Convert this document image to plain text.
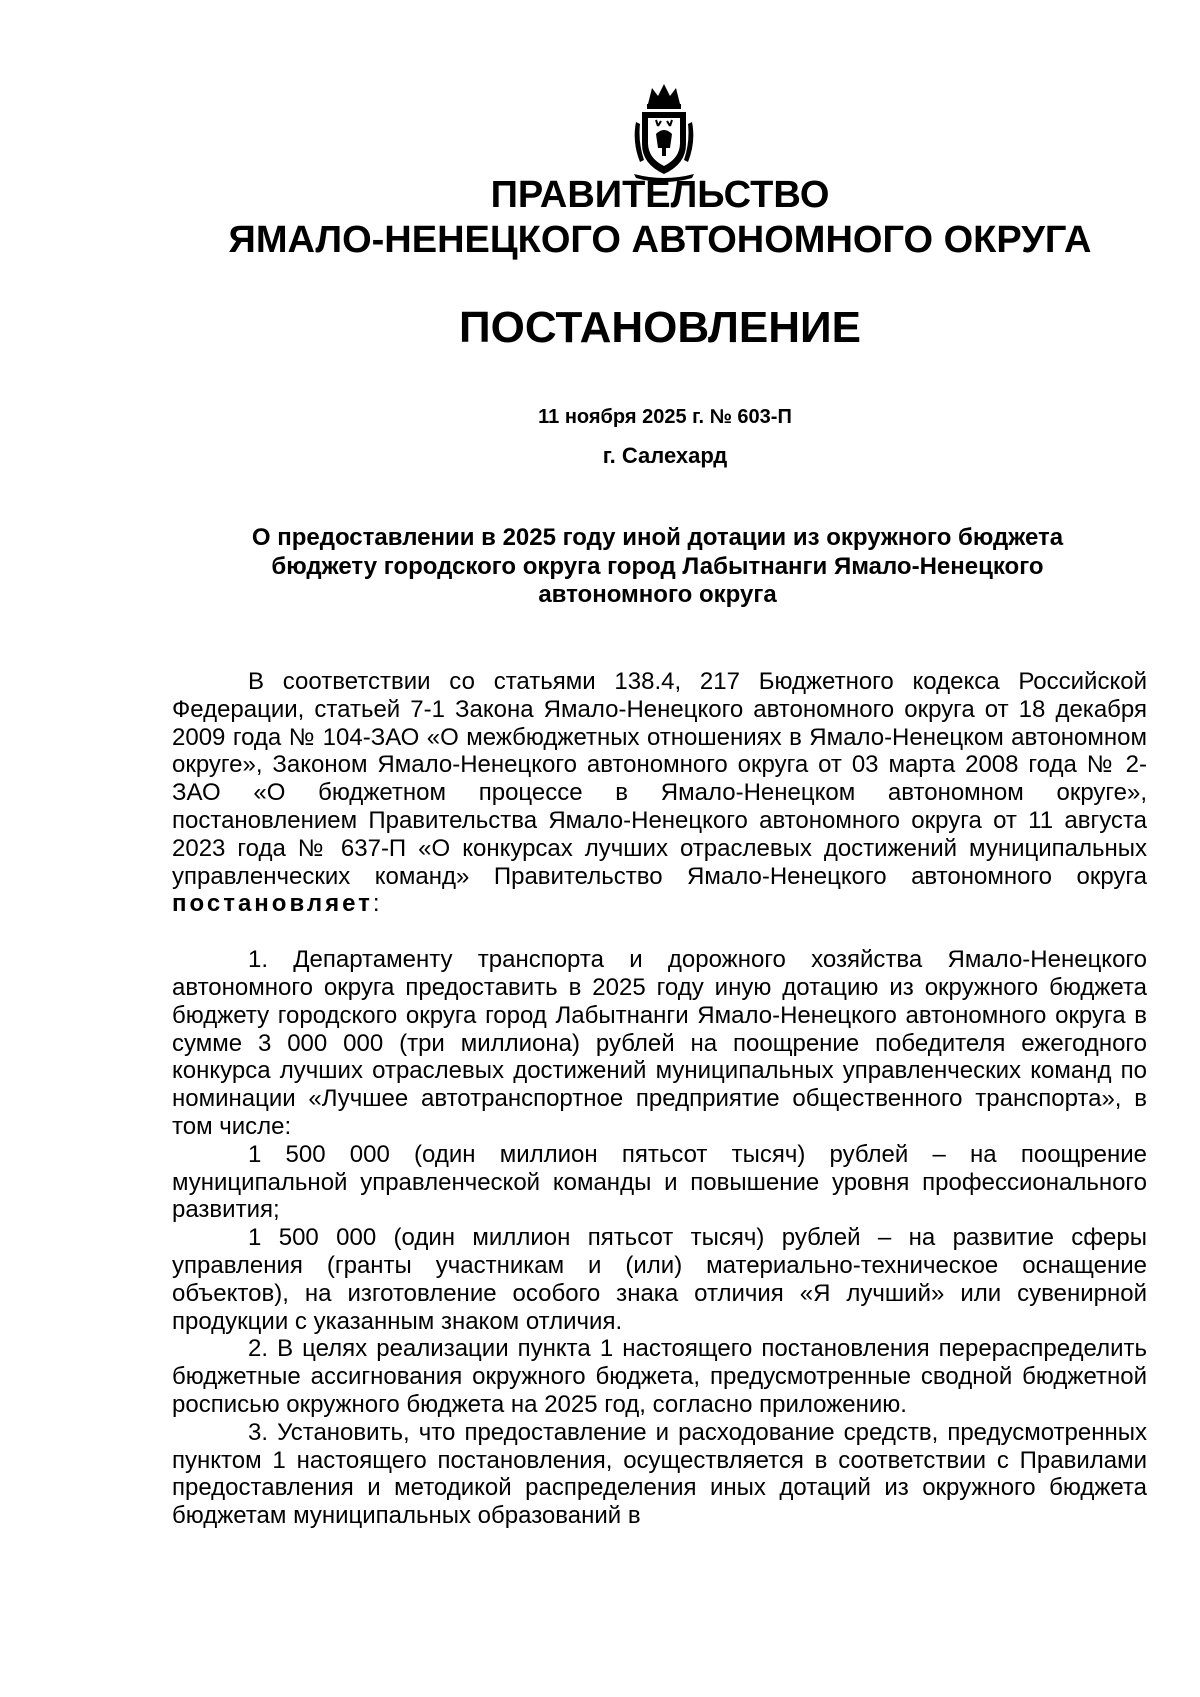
ПРАВИТЕЛЬСТВО
ЯМАЛО-НЕНЕЦКОГО АВТОНОМНОГО ОКРУГА
ПОСТАНОВЛЕНИЕ
11 ноября 2025 г. № 603-П
г. Салехард
О предоставлении в 2025 году иной дотации из окружного бюджета
бюджету городского округа город Лабытнанги Ямало-Ненецкого
автономного округа

В соответствии со статьями 138.4, 217 Бюджетного кодекса Российской Федерации, статьей 7-1 Закона Ямало-Ненецкого автономного округа от 18 декабря 2009 года № 104-ЗАО «О межбюджетных отношениях в Ямало-Ненецком автономном округе», Законом Ямало-Ненецкого автономного округа от 03 марта 2008 года № 2-ЗАО «О бюджетном процессе в Ямало-Ненецком автономном округе», постановлением Правительства Ямало-Ненецкого автономного округа от 11 августа 2023 года № 637-П «О конкурсах лучших отраслевых достижений муниципальных управленческих команд» Правительство Ямало-Ненецкого автономного округа постановляет:

1. Департаменту транспорта и дорожного хозяйства Ямало-Ненецкого автономного округа предоставить в 2025 году иную дотацию из окружного бюджета бюджету городского округа город Лабытнанги Ямало-Ненецкого автономного округа в сумме 3 000 000 (три миллиона) рублей на поощрение победителя ежегодного конкурса лучших отраслевых достижений муниципальных управленческих команд по номинации «Лучшее автотранспортное предприятие общественного транспорта», в том числе:

1 500 000 (один миллион пятьсот тысяч) рублей – на поощрение муниципальной управленческой команды и повышение уровня профессионального развития;

1 500 000 (один миллион пятьсот тысяч) рублей – на развитие сферы управления (гранты участникам и (или) материально-техническое оснащение объектов), на изготовление особого знака отличия «Я лучший» или сувенирной продукции с указанным знаком отличия.

2. В целях реализации пункта 1 настоящего постановления перераспределить бюджетные ассигнования окружного бюджета, предусмотренные сводной бюджетной росписью окружного бюджета на 2025 год, согласно приложению.

3. Установить, что предоставление и расходование средств, предусмотренных пунктом 1 настоящего постановления, осуществляется в соответствии с Правилами предоставления и методикой распределения иных дотаций из окружного бюджета бюджетам муниципальных образований в
